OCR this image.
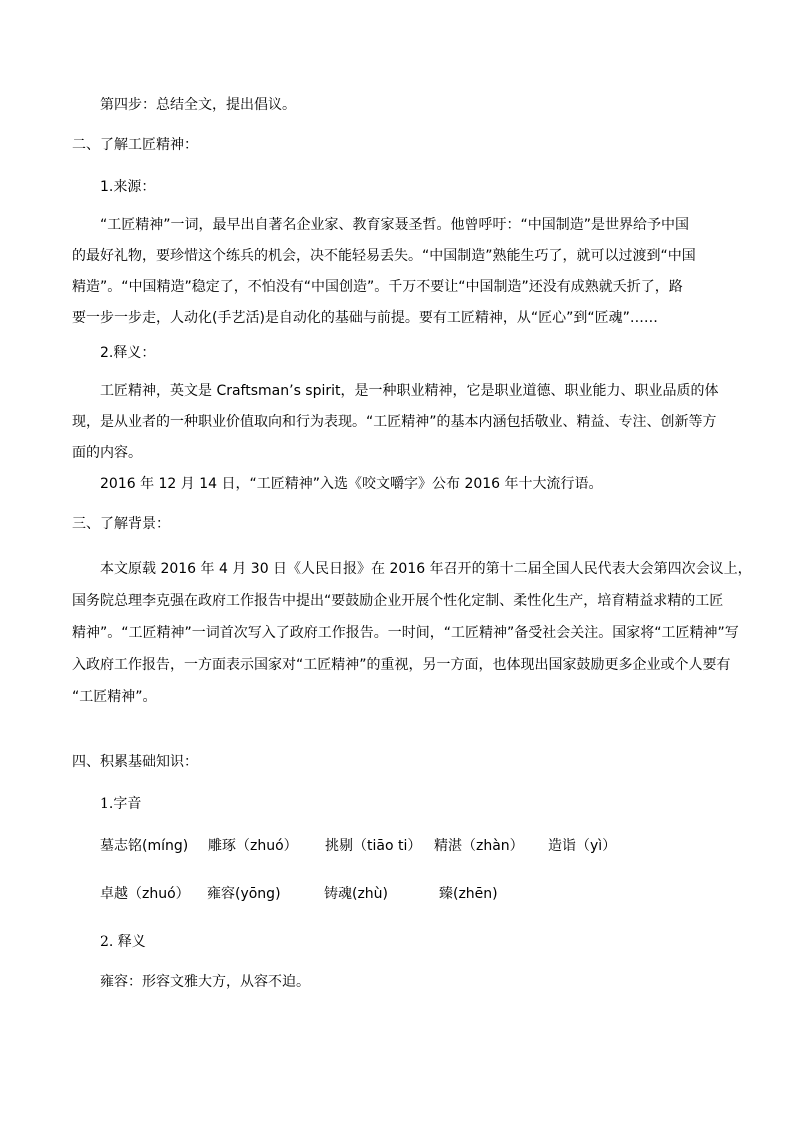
第四步：总结全文，提出倡议。
二、了解工匠精神：
1.来源：

“工匠精神”一词，最早出自著名企业家、教育家聂圣哲。他曾呼吁：“中国制造”是世界给予中国

的最好礼物，要珍惜这个练兵的机会，决不能轻易丢失。“中国制造”熟能生巧了，就可以过渡到“中国

精造”。“中国精造”稳定了，不怕没有“中国创造”。千万不要让“中国制造”还没有成熟就夭折了，路

要一步一步走，人动化(手艺活)是自动化的基础与前提。要有工匠精神，从“匠心”到“匠魂”……

2.释义：

工匠精神，英文是 Craftsman’s spirit，是一种职业精神，它是职业道德、职业能力、职业品质的体

现，是从业者的一种职业价值取向和行为表现。“工匠精神”的基本内涵包括敬业、精益、专注、创新等方

面的内容。

2016 年 12 月 14 日，“工匠精神”入选《咬文嚼字》公布 2016 年十大流行语。
三、了解背景：

本文原载 2016 年 4 月 30 日《人民日报》在 2016 年召开的第十二届全国人民代表大会第四次会议上，

国务院总理李克强在政府工作报告中提出“要鼓励企业开展个性化定制、柔性化生产，培育精益求精的工匠

精神”。“工匠精神”一词首次写入了政府工作报告。一时间，“工匠精神”备受社会关注。国家将“工匠精神”写

入政府工作报告，一方面表示国家对“工匠精神”的重视，另一方面，也体现出国家鼓励更多企业或个人要有

“工匠精神”。

四、积累基础知识：
1.字音
墓志铭(míng) 雕琢（zhuó） 挑剔（tiāo ti） 精湛（zhàn） 造诣（yì）
卓越（zhuó） 雍容(yōng)	铸魂(zhù)	臻(zhēn)
2. 释义
雍容：形容文雅大方，从容不迫。
